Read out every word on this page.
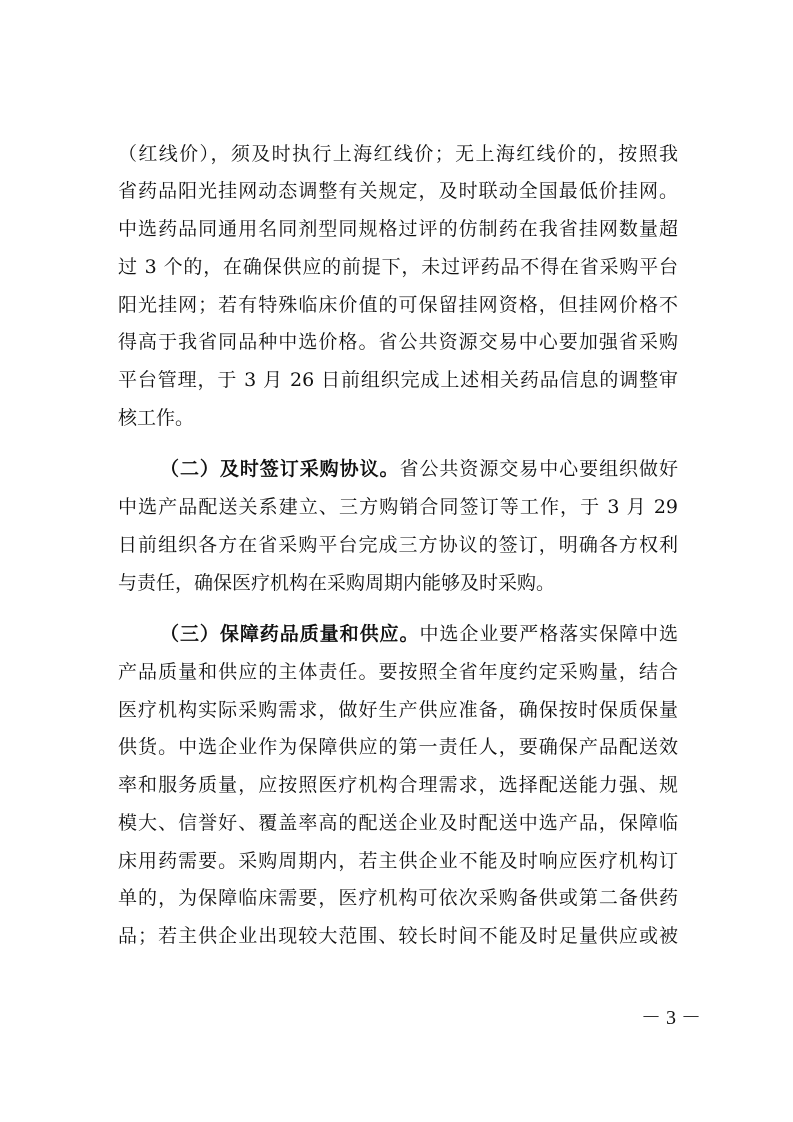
（红线价），须及时执行上海红线价；无上海红线价的，按照我
省药品阳光挂网动态调整有关规定，及时联动全国最低价挂网。
中选药品同通用名同剂型同规格过评的仿制药在我省挂网数量超
过 3 个的，在确保供应的前提下，未过评药品不得在省采购平台
阳光挂网；若有特殊临床价值的可保留挂网资格，但挂网价格不
得高于我省同品种中选价格。省公共资源交易中心要加强省采购
平台管理，于 3 月 26 日前组织完成上述相关药品信息的调整审
核工作。
（二）及时签订采购协议。省公共资源交易中心要组织做好
中选产品配送关系建立、三方购销合同签订等工作，于 3 月 29
日前组织各方在省采购平台完成三方协议的签订，明确各方权利
与责任，确保医疗机构在采购周期内能够及时采购。
（三）保障药品质量和供应。中选企业要严格落实保障中选
产品质量和供应的主体责任。要按照全省年度约定采购量，结合
医疗机构实际采购需求，做好生产供应准备，确保按时保质保量
供货。中选企业作为保障供应的第一责任人，要确保产品配送效
率和服务质量，应按照医疗机构合理需求，选择配送能力强、规
模大、信誉好、覆盖率高的配送企业及时配送中选产品，保障临
床用药需要。采购周期内，若主供企业不能及时响应医疗机构订
单的，为保障临床需要，医疗机构可依次采购备供或第二备供药
品；若主供企业出现较大范围、较长时间不能及时足量供应或被
－ 3 －
